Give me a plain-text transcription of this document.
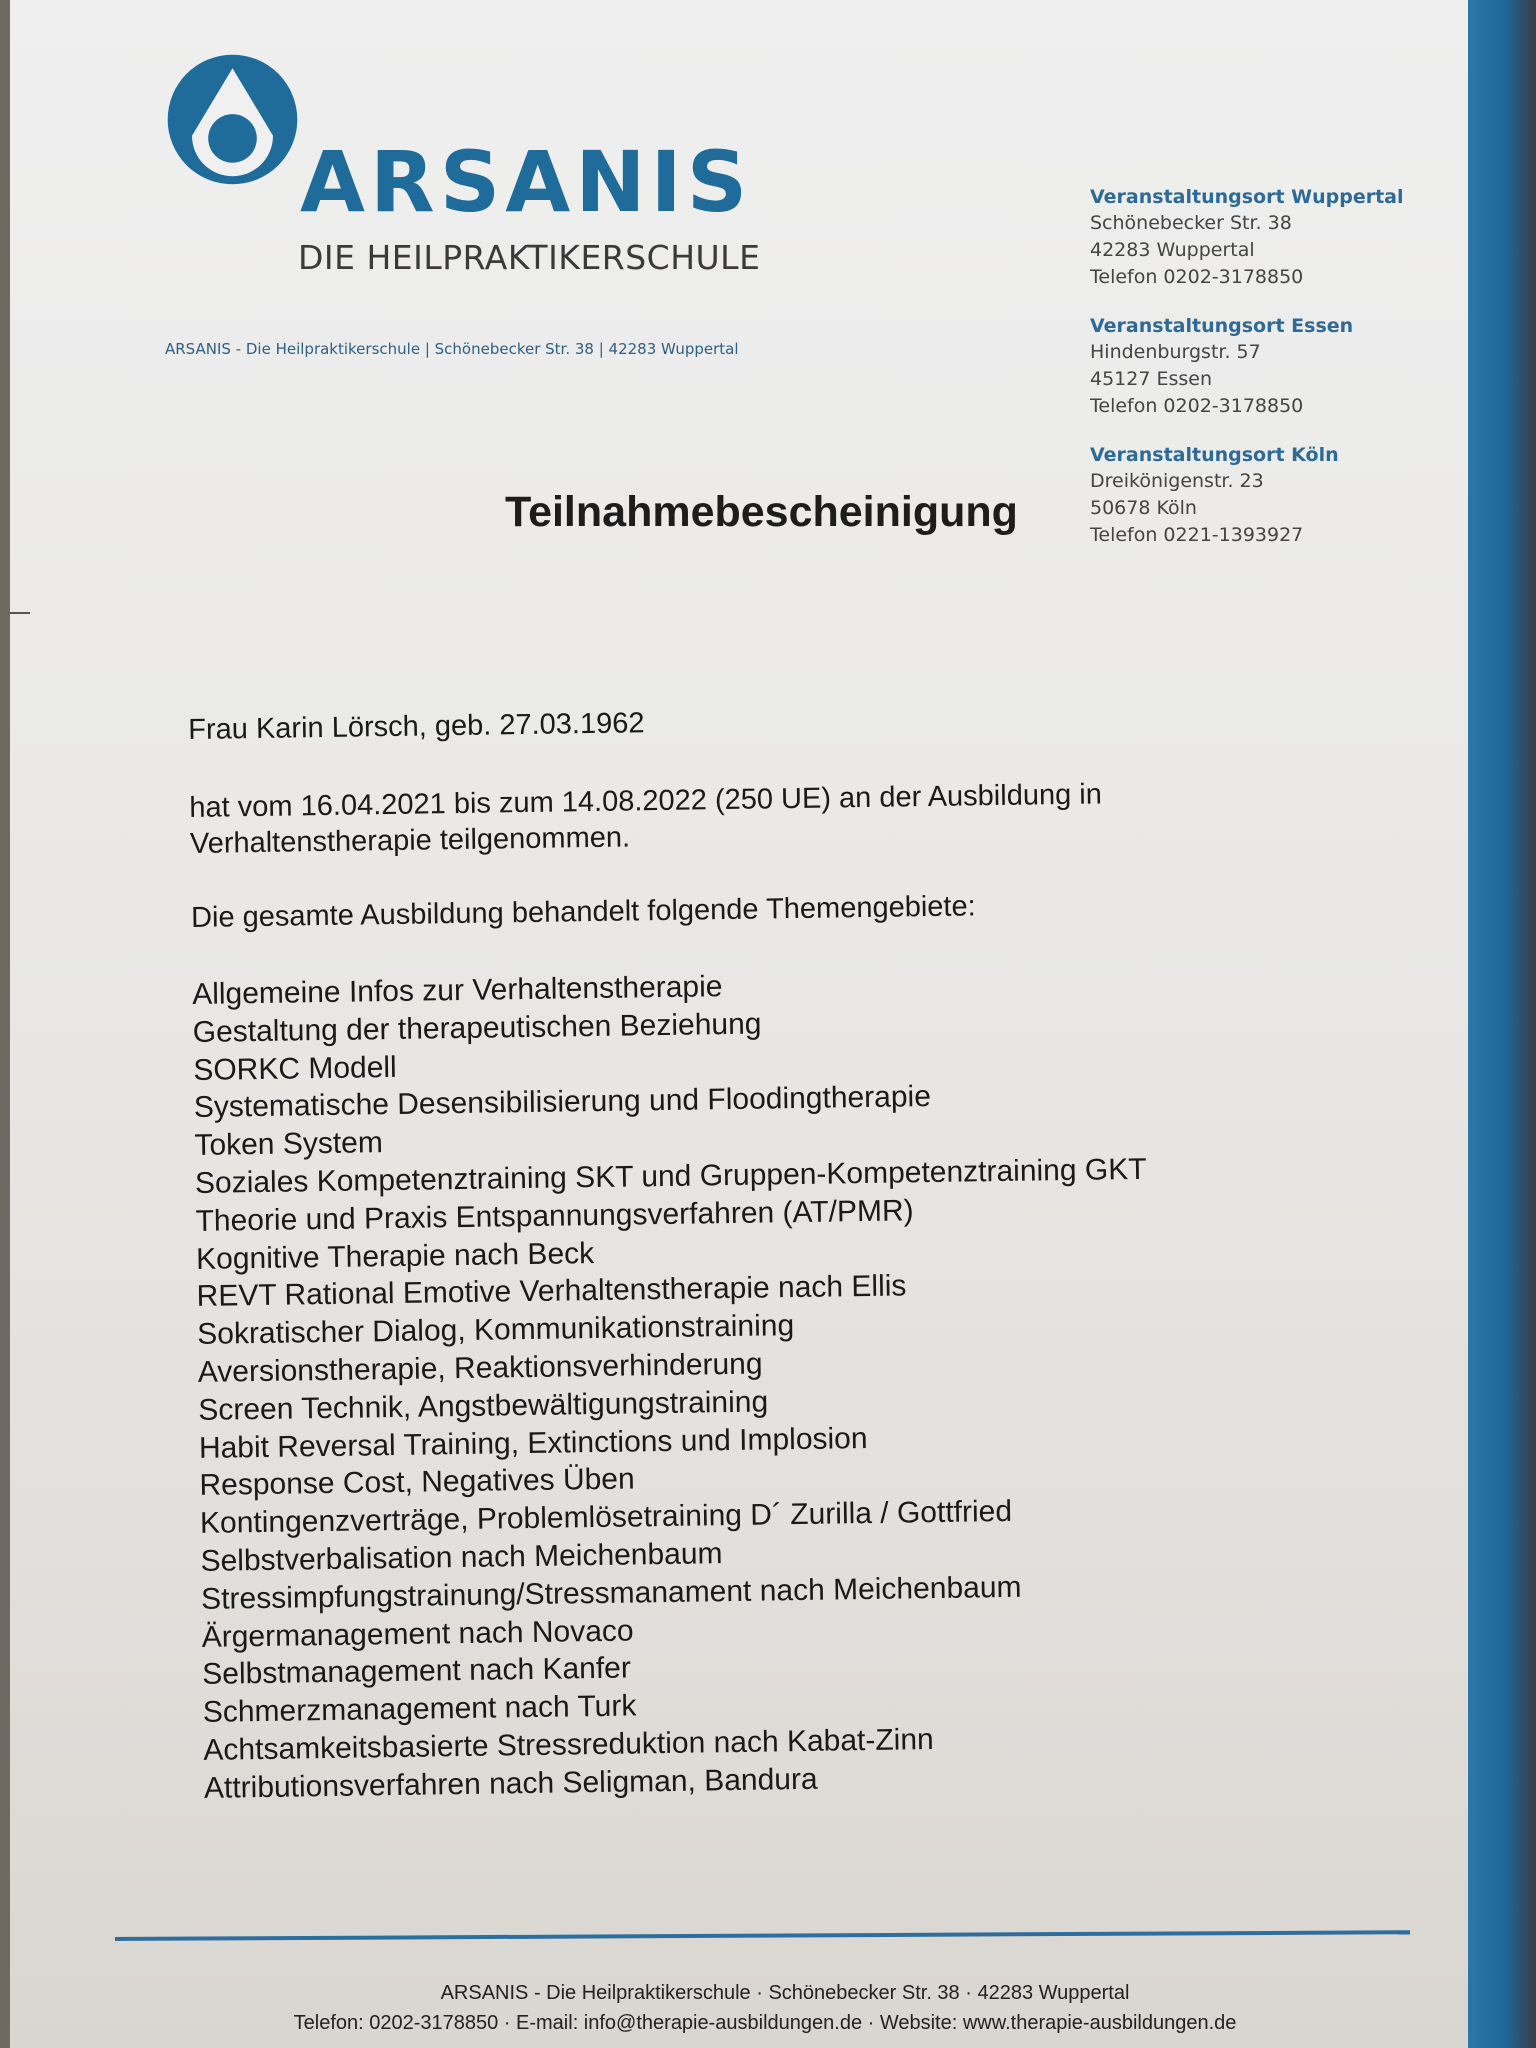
ARSANIS

DIE HEILPRAKTIKERSCHULE

ARSANIS - Die Heilpraktikerschule | Schönebecker Str. 38 | 42283 Wuppertal

Veranstaltungsort Wuppertal
Schönebecker Str. 38
42283 Wuppertal
Telefon 0202-3178850
Veranstaltungsort Essen
Hindenburgstr. 57
45127 Essen
Telefon 0202-3178850
Veranstaltungsort Köln
Dreikönigenstr. 23
50678 Köln
Telefon 0221-1393927
Teilnahmebescheinigung

Frau Karin Lörsch, geb. 27.03.1962

hat vom 16.04.2021 bis zum 14.08.2022 (250 UE) an der Ausbildung in

Verhaltenstherapie teilgenommen.

Die gesamte Ausbildung behandelt folgende Themengebiete:

Allgemeine Infos zur Verhaltenstherapie
Gestaltung der therapeutischen Beziehung
SORKC Modell
Systematische Desensibilisierung und Floodingtherapie
Token System
Soziales Kompetenztraining SKT und Gruppen-Kompetenztraining GKT
Theorie und Praxis Entspannungsverfahren (AT/PMR)
Kognitive Therapie nach Beck
REVT Rational Emotive Verhaltenstherapie nach Ellis
Sokratischer Dialog, Kommunikationstraining
Aversionstherapie, Reaktionsverhinderung
Screen Technik, Angstbewältigungstraining
Habit Reversal Training, Extinctions und Implosion
Response Cost, Negatives Üben
Kontingenzverträge, Problemlösetraining D´ Zurilla / Gottfried
Selbstverbalisation nach Meichenbaum
Stressimpfungstrainung/Stressmanament nach Meichenbaum
Ärgermanagement nach Novaco
Selbstmanagement nach Kanfer
Schmerzmanagement nach Turk
Achtsamkeitsbasierte Stressreduktion nach Kabat-Zinn
Attributionsverfahren nach Seligman, Bandura

ARSANIS - Die Heilpraktikerschule · Schönebecker Str. 38 · 42283 Wuppertal

Telefon: 0202-3178850 · E-mail: info@therapie-ausbildungen.de · Website: www.therapie-ausbildungen.de
